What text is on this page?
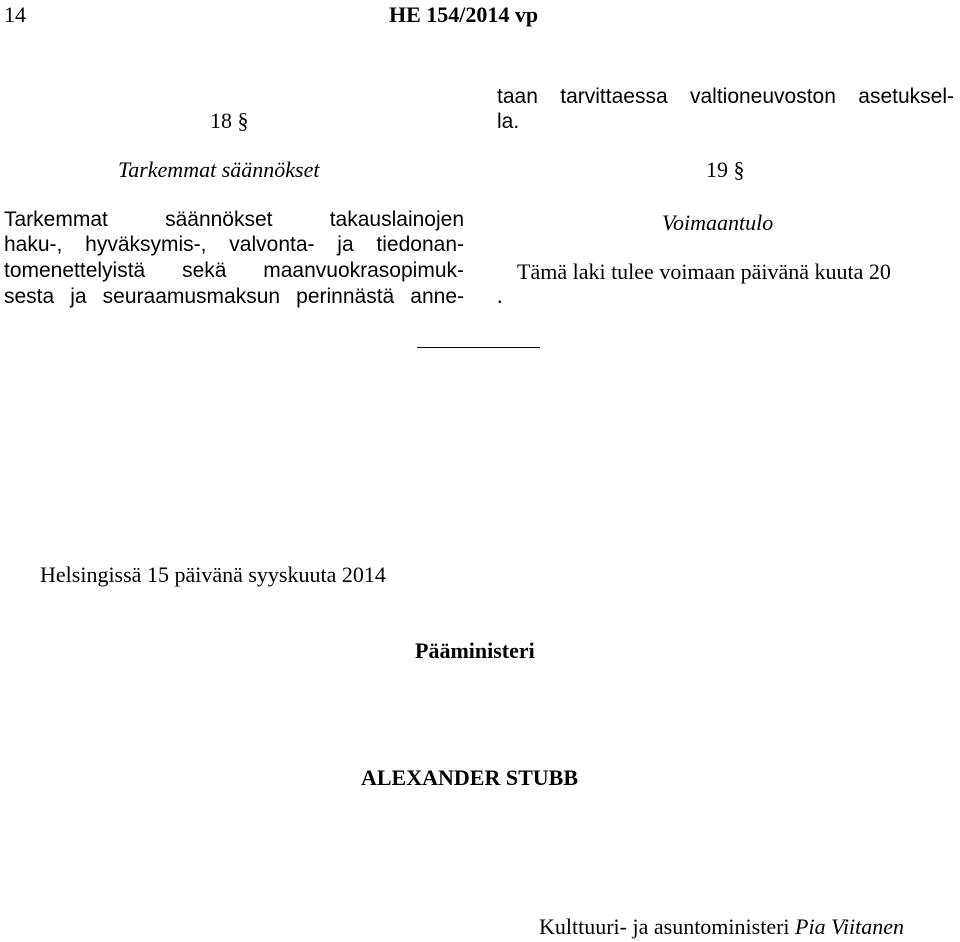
14	HE 154/2014 vp
18 §
Tarkemmat säännökset
Tarkemmat säännökset takauslainojen
haku-, hyväksymis-, valvonta- ja tiedonan-
tomenettelyistä sekä maanvuokrasopimuk-
sesta ja seuraamusmaksun perinnästä anne-
taan tarvittaessa valtioneuvoston asetuksel-
la.
19 §
Voimaantulo
Tämä laki tulee voimaan päivänä kuuta 20
.
Helsingissä 15 päivänä syyskuuta 2014
Pääministeri
ALEXANDER STUBB
Kulttuuri- ja asuntoministeri Pia Viitanen
